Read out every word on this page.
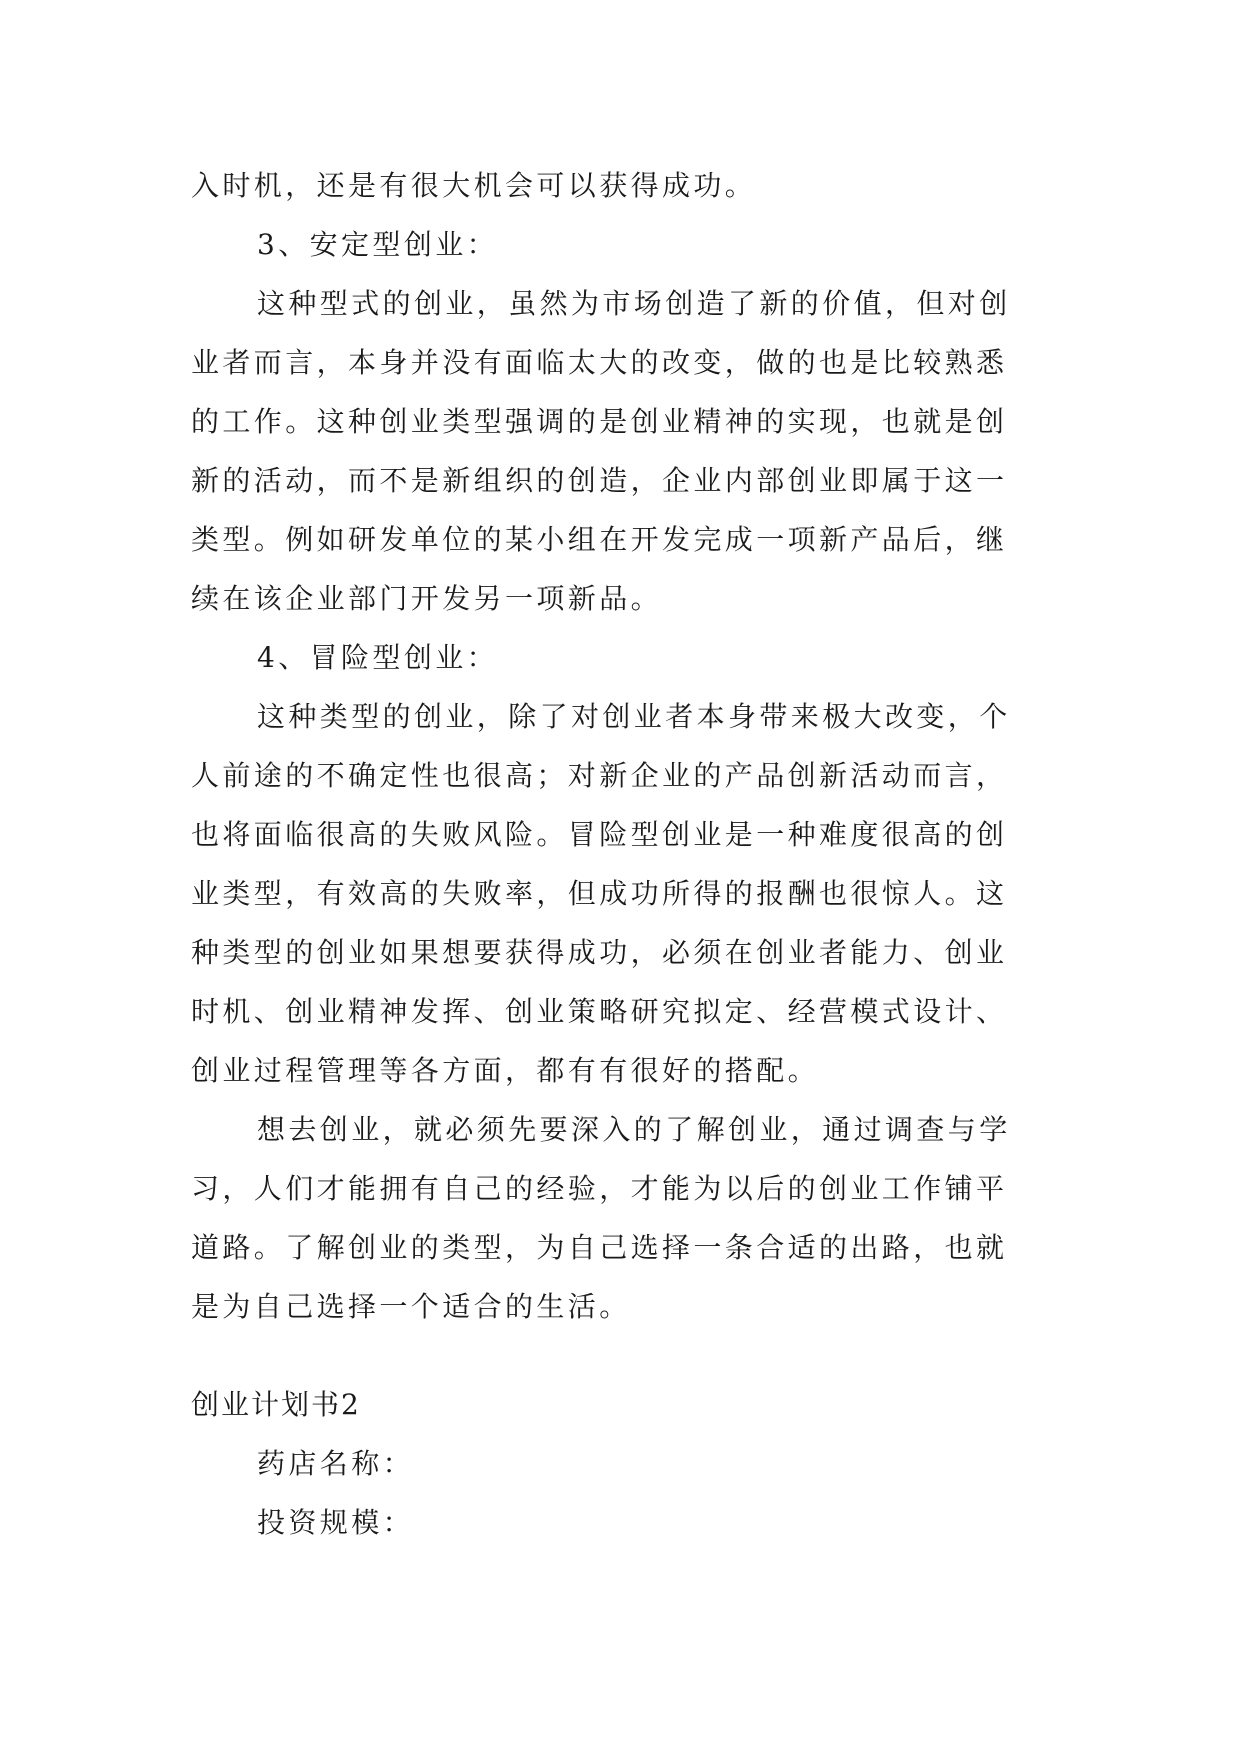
入时机，还是有很大机会可以获得成功。
3、安定型创业：
这种型式的创业，虽然为市场创造了新的价值，但对创
业者而言，本身并没有面临太大的改变，做的也是比较熟悉
的工作。这种创业类型强调的是创业精神的实现，也就是创
新的活动，而不是新组织的创造，企业内部创业即属于这一
类型。例如研发单位的某小组在开发完成一项新产品后，继
续在该企业部门开发另一项新品。
4、冒险型创业：
这种类型的创业，除了对创业者本身带来极大改变，个
人前途的不确定性也很高；对新企业的产品创新活动而言，
也将面临很高的失败风险。冒险型创业是一种难度很高的创
业类型，有效高的失败率，但成功所得的报酬也很惊人。这
种类型的创业如果想要获得成功，必须在创业者能力、创业
时机、创业精神发挥、创业策略研究拟定、经营模式设计、
创业过程管理等各方面，都有有很好的搭配。
想去创业，就必须先要深入的了解创业，通过调查与学
习，人们才能拥有自己的经验，才能为以后的创业工作铺平
道路。了解创业的类型，为自己选择一条合适的出路，也就
是为自己选择一个适合的生活。
创业计划书2
药店名称：
投资规模：
